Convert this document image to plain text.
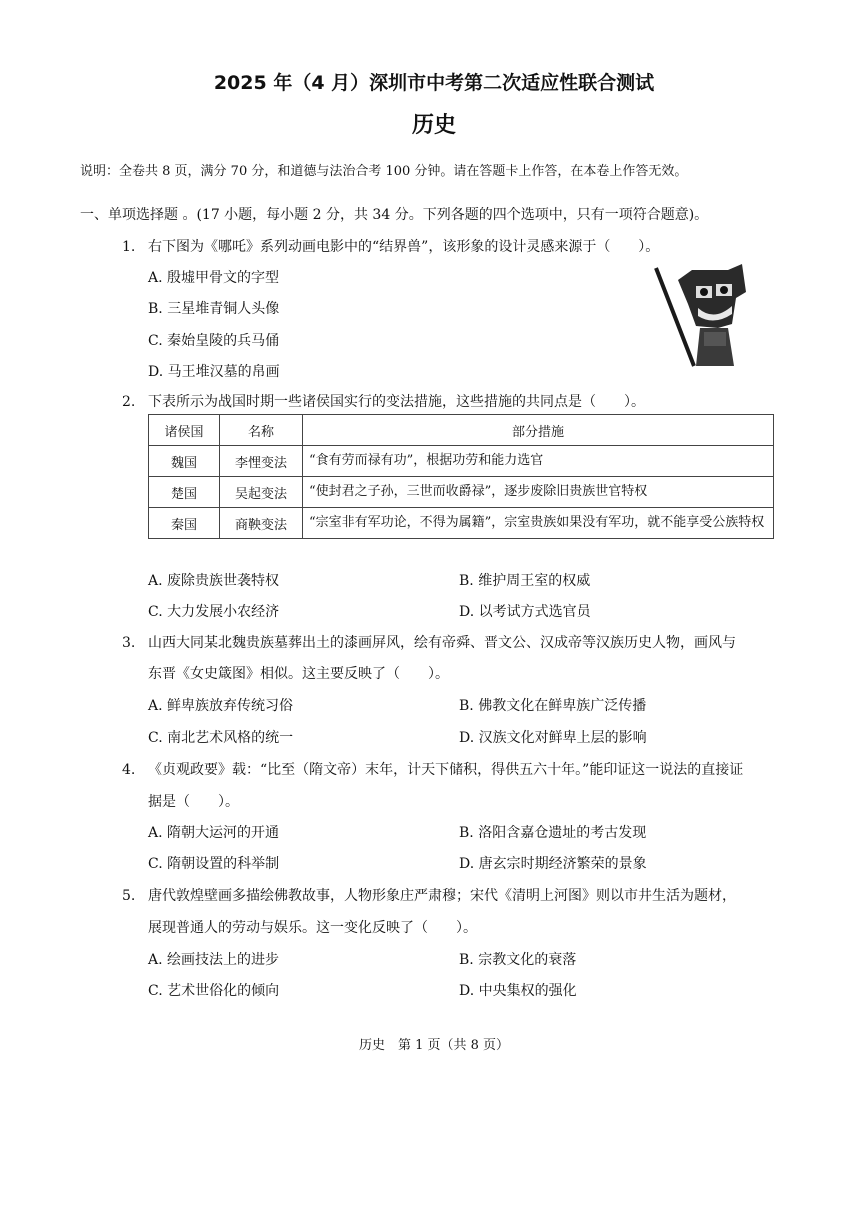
2025 年（4 月）深圳市中考第二次适应性联合测试
历史
说明：全卷共 8 页，满分 70 分，和道德与法治合考 100 分钟。请在答题卡上作答，在本卷上作答无效。
一、单项选择题 。(17 小题，每小题 2 分，共 34 分。下列各题的四个选项中，只有一项符合题意)。
1. 右下图为《哪吒》系列动画电影中的“结界兽”，该形象的设计灵感来源于（　　）。
A. 殷墟甲骨文的字型
B. 三星堆青铜人头像
C. 秦始皇陵的兵马俑
D. 马王堆汉墓的帛画
2. 下表所示为战国时期一些诸侯国实行的变法措施，这些措施的共同点是（　　）。
诸侯国	名称	部分措施
魏国	李悝变法	“食有劳而禄有功”，根据功劳和能力选官
楚国	吴起变法	“使封君之子孙，三世而收爵禄”，逐步废除旧贵族世官特权
秦国	商鞅变法	“宗室非有军功论，不得为属籍”，宗室贵族如果没有军功，就不能享受公族特权
A. 废除贵族世袭特权	B. 维护周王室的权威
C. 大力发展小农经济	D. 以考试方式选官员
3. 山西大同某北魏贵族墓葬出土的漆画屏风，绘有帝舜、晋文公、汉成帝等汉族历史人物，画风与
东晋《女史箴图》相似。这主要反映了（　　）。
A. 鲜卑族放弃传统习俗	B. 佛教文化在鲜卑族广泛传播
C. 南北艺术风格的统一	D. 汉族文化对鲜卑上层的影响
4. 《贞观政要》载：“比至（隋文帝）末年，计天下储积，得供五六十年。”能印证这一说法的直接证
据是（　　）。
A. 隋朝大运河的开通	B. 洛阳含嘉仓遗址的考古发现
C. 隋朝设置的科举制	D. 唐玄宗时期经济繁荣的景象
5. 唐代敦煌壁画多描绘佛教故事，人物形象庄严肃穆；宋代《清明上河图》则以市井生活为题材，
展现普通人的劳动与娱乐。这一变化反映了（　　）。
A. 绘画技法上的进步	B. 宗教文化的衰落
C. 艺术世俗化的倾向	D. 中央集权的强化
历史　第 1 页（共 8 页）
